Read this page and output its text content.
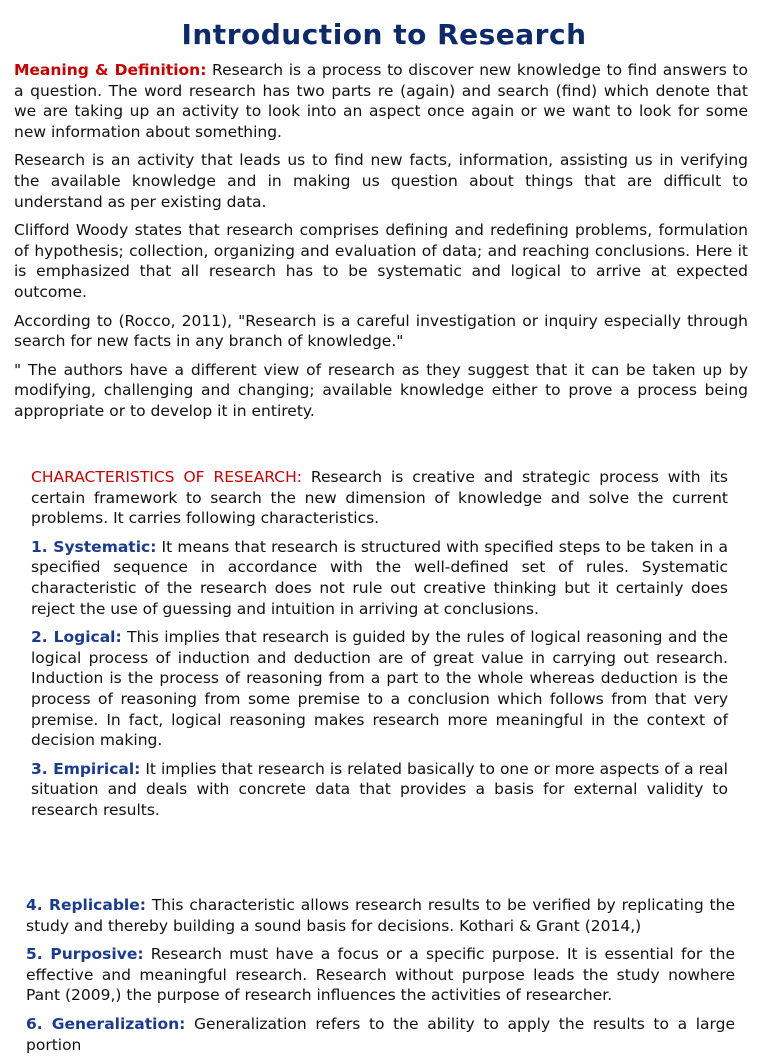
Introduction to Research

Meaning & Definition: Research is a process to discover new knowledge to find answers to a question. The word research has two parts re (again) and search (find) which denote that we are taking up an activity to look into an aspect once again or we want to look for some new information about something.

Research is an activity that leads us to find new facts, information, assisting us in verifying the available knowledge and in making us question about things that are difficult to understand as per existing data.

Clifford Woody states that research comprises defining and redefining problems, formulation of hypothesis; collection, organizing and evaluation of data; and reaching conclusions. Here it is emphasized that all research has to be systematic and logical to arrive at expected outcome.

According to (Rocco, 2011), "Research is a careful investigation or inquiry especially through search for new facts in any branch of knowledge."

" The authors have a different view of research as they suggest that it can be taken up by modifying, challenging and changing; available knowledge either to prove a process being appropriate or to develop it in entirety.

CHARACTERISTICS OF RESEARCH: Research is creative and strategic process with its certain framework to search the new dimension of knowledge and solve the current problems. It carries following characteristics.

1. Systematic: It means that research is structured with specified steps to be taken in a specified sequence in accordance with the well-defined set of rules. Systematic characteristic of the research does not rule out creative thinking but it certainly does reject the use of guessing and intuition in arriving at conclusions.

2. Logical: This implies that research is guided by the rules of logical reasoning and the logical process of induction and deduction are of great value in carrying out research. Induction is the process of reasoning from a part to the whole whereas deduction is the process of reasoning from some premise to a conclusion which follows from that very premise. In fact, logical reasoning makes research more meaningful in the context of decision making.

3. Empirical: It implies that research is related basically to one or more aspects of a real situation and deals with concrete data that provides a basis for external validity to research results.

4. Replicable: This characteristic allows research results to be verified by replicating the study and thereby building a sound basis for decisions. Kothari & Grant (2014,)

5. Purposive: Research must have a focus or a specific purpose. It is essential for the effective and meaningful research. Research without purpose leads the study nowhere Pant (2009,) the purpose of research influences the activities of researcher.

6. Generalization: Generalization refers to the ability to apply the results to a large portion
